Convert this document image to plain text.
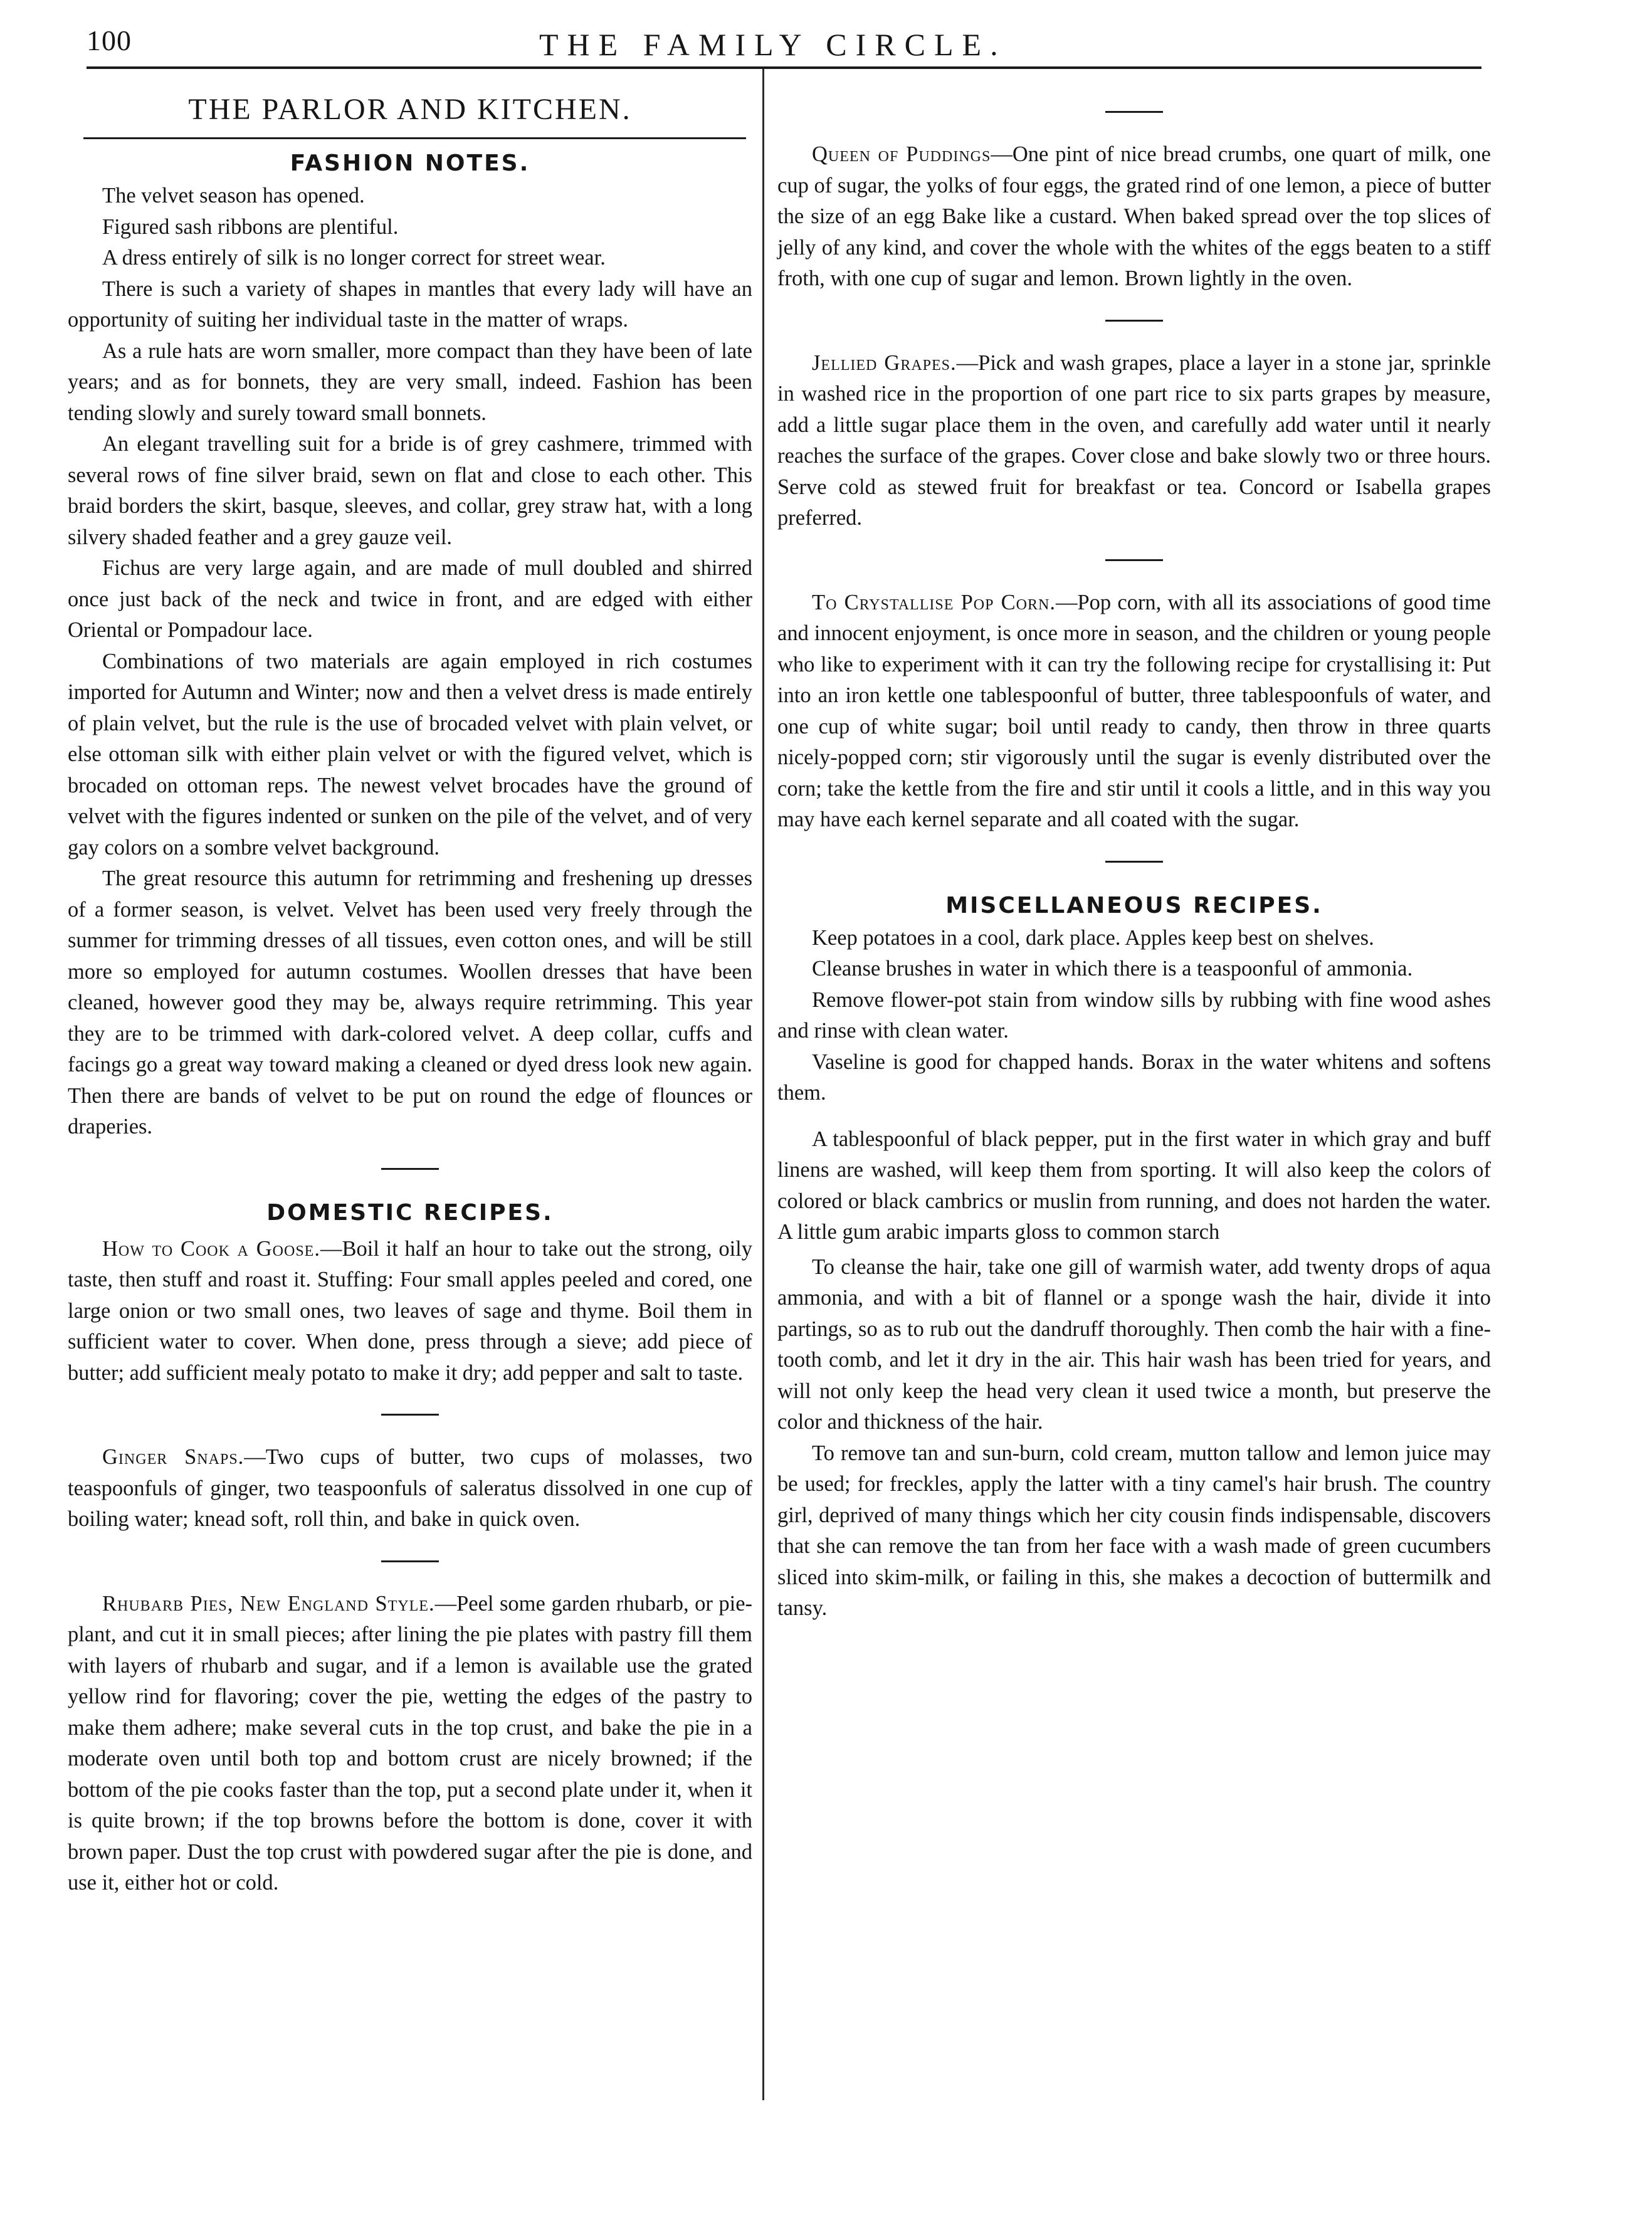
100	THE FAMILY CIRCLE.
THE PARLOR AND KITCHEN.
FASHION NOTES.

The velvet season has opened.

Figured sash ribbons are plentiful.

A dress entirely of silk is no longer correct for street wear.

There is such a variety of shapes in mantles that every lady will have an opportunity of suiting her individual taste in the matter of wraps.

As a rule hats are worn smaller, more compact than they have been of late years; and as for bonnets, they are very small, indeed. Fashion has been tending slowly and surely toward small bonnets.

An elegant travelling suit for a bride is of grey cashmere, trimmed with several rows of fine silver braid, sewn on flat and close to each other. This braid borders the skirt, basque, sleeves, and collar, grey straw hat, with a long silvery shaded feather and a grey gauze veil.

Fichus are very large again, and are made of mull doubled and shirred once just back of the neck and twice in front, and are edged with either Oriental or Pompadour lace.

Combinations of two materials are again employed in rich costumes imported for Autumn and Winter; now and then a velvet dress is made entirely of plain velvet, but the rule is the use of brocaded velvet with plain velvet, or else ottoman silk with either plain velvet or with the figured velvet, which is brocaded on ottoman reps. The newest velvet brocades have the ground of velvet with the figures indented or sunken on the pile of the velvet, and of very gay colors on a sombre velvet background.

The great resource this autumn for retrimming and freshening up dresses of a former season, is velvet. Velvet has been used very freely through the summer for trimming dresses of all tissues, even cotton ones, and will be still more so employed for autumn costumes. Woollen dresses that have been cleaned, however good they may be, always require retrimming. This year they are to be trimmed with dark-colored velvet. A deep collar, cuffs and facings go a great way toward making a cleaned or dyed dress look new again. Then there are bands of velvet to be put on round the edge of flounces or draperies.

DOMESTIC RECIPES.

How to Cook a Goose.—Boil it half an hour to take out the strong, oily taste, then stuff and roast it. Stuffing: Four small apples peeled and cored, one large onion or two small ones, two leaves of sage and thyme. Boil them in sufficient water to cover. When done, press through a sieve; add piece of butter; add sufficient mealy potato to make it dry; add pepper and salt to taste.

Ginger Snaps.—Two cups of butter, two cups of molasses, two teaspoonfuls of ginger, two teaspoonfuls of saleratus dissolved in one cup of boiling water; knead soft, roll thin, and bake in quick oven.

Rhubarb Pies, New England Style.—Peel some garden rhubarb, or pie-plant, and cut it in small pieces; after lining the pie plates with pastry fill them with layers of rhubarb and sugar, and if a lemon is available use the grated yellow rind for flavoring; cover the pie, wetting the edges of the pastry to make them adhere; make several cuts in the top crust, and bake the pie in a moderate oven until both top and bottom crust are nicely browned; if the bottom of the pie cooks faster than the top, put a second plate under it, when it is quite brown; if the top browns before the bottom is done, cover it with brown paper. Dust the top crust with powdered sugar after the pie is done, and use it, either hot or cold.

Queen of Puddings—One pint of nice bread crumbs, one quart of milk, one cup of sugar, the yolks of four eggs, the grated rind of one lemon, a piece of butter the size of an egg Bake like a custard. When baked spread over the top slices of jelly of any kind, and cover the whole with the whites of the eggs beaten to a stiff froth, with one cup of sugar and lemon. Brown lightly in the oven.

Jellied Grapes.—Pick and wash grapes, place a layer in a stone jar, sprinkle in washed rice in the proportion of one part rice to six parts grapes by measure, add a little sugar place them in the oven, and carefully add water until it nearly reaches the surface of the grapes. Cover close and bake slowly two or three hours. Serve cold as stewed fruit for breakfast or tea. Concord or Isabella grapes preferred.

To Crystallise Pop Corn.—Pop corn, with all its associations of good time and innocent enjoyment, is once more in season, and the children or young people who like to experiment with it can try the following recipe for crystallising it: Put into an iron kettle one tablespoonful of butter, three tablespoonfuls of water, and one cup of white sugar; boil until ready to candy, then throw in three quarts nicely-popped corn; stir vigorously until the sugar is evenly distributed over the corn; take the kettle from the fire and stir until it cools a little, and in this way you may have each kernel separate and all coated with the sugar.

MISCELLANEOUS RECIPES.

Keep potatoes in a cool, dark place. Apples keep best on shelves.

Cleanse brushes in water in which there is a teaspoonful of ammonia.

Remove flower-pot stain from window sills by rubbing with fine wood ashes and rinse with clean water.

Vaseline is good for chapped hands. Borax in the water whitens and softens them.

A tablespoonful of black pepper, put in the first water in which gray and buff linens are washed, will keep them from sporting. It will also keep the colors of colored or black cambrics or muslin from running, and does not harden the water. A little gum arabic imparts gloss to common starch

To cleanse the hair, take one gill of warmish water, add twenty drops of aqua ammonia, and with a bit of flannel or a sponge wash the hair, divide it into partings, so as to rub out the dandruff thoroughly. Then comb the hair with a fine-tooth comb, and let it dry in the air. This hair wash has been tried for years, and will not only keep the head very clean it used twice a month, but preserve the color and thickness of the hair.

To remove tan and sun-burn, cold cream, mutton tallow and lemon juice may be used; for freckles, apply the latter with a tiny camel's hair brush. The country girl, deprived of many things which her city cousin finds indispensable, discovers that she can remove the tan from her face with a wash made of green cucumbers sliced into skim-milk, or failing in this, she makes a decoction of buttermilk and tansy.
